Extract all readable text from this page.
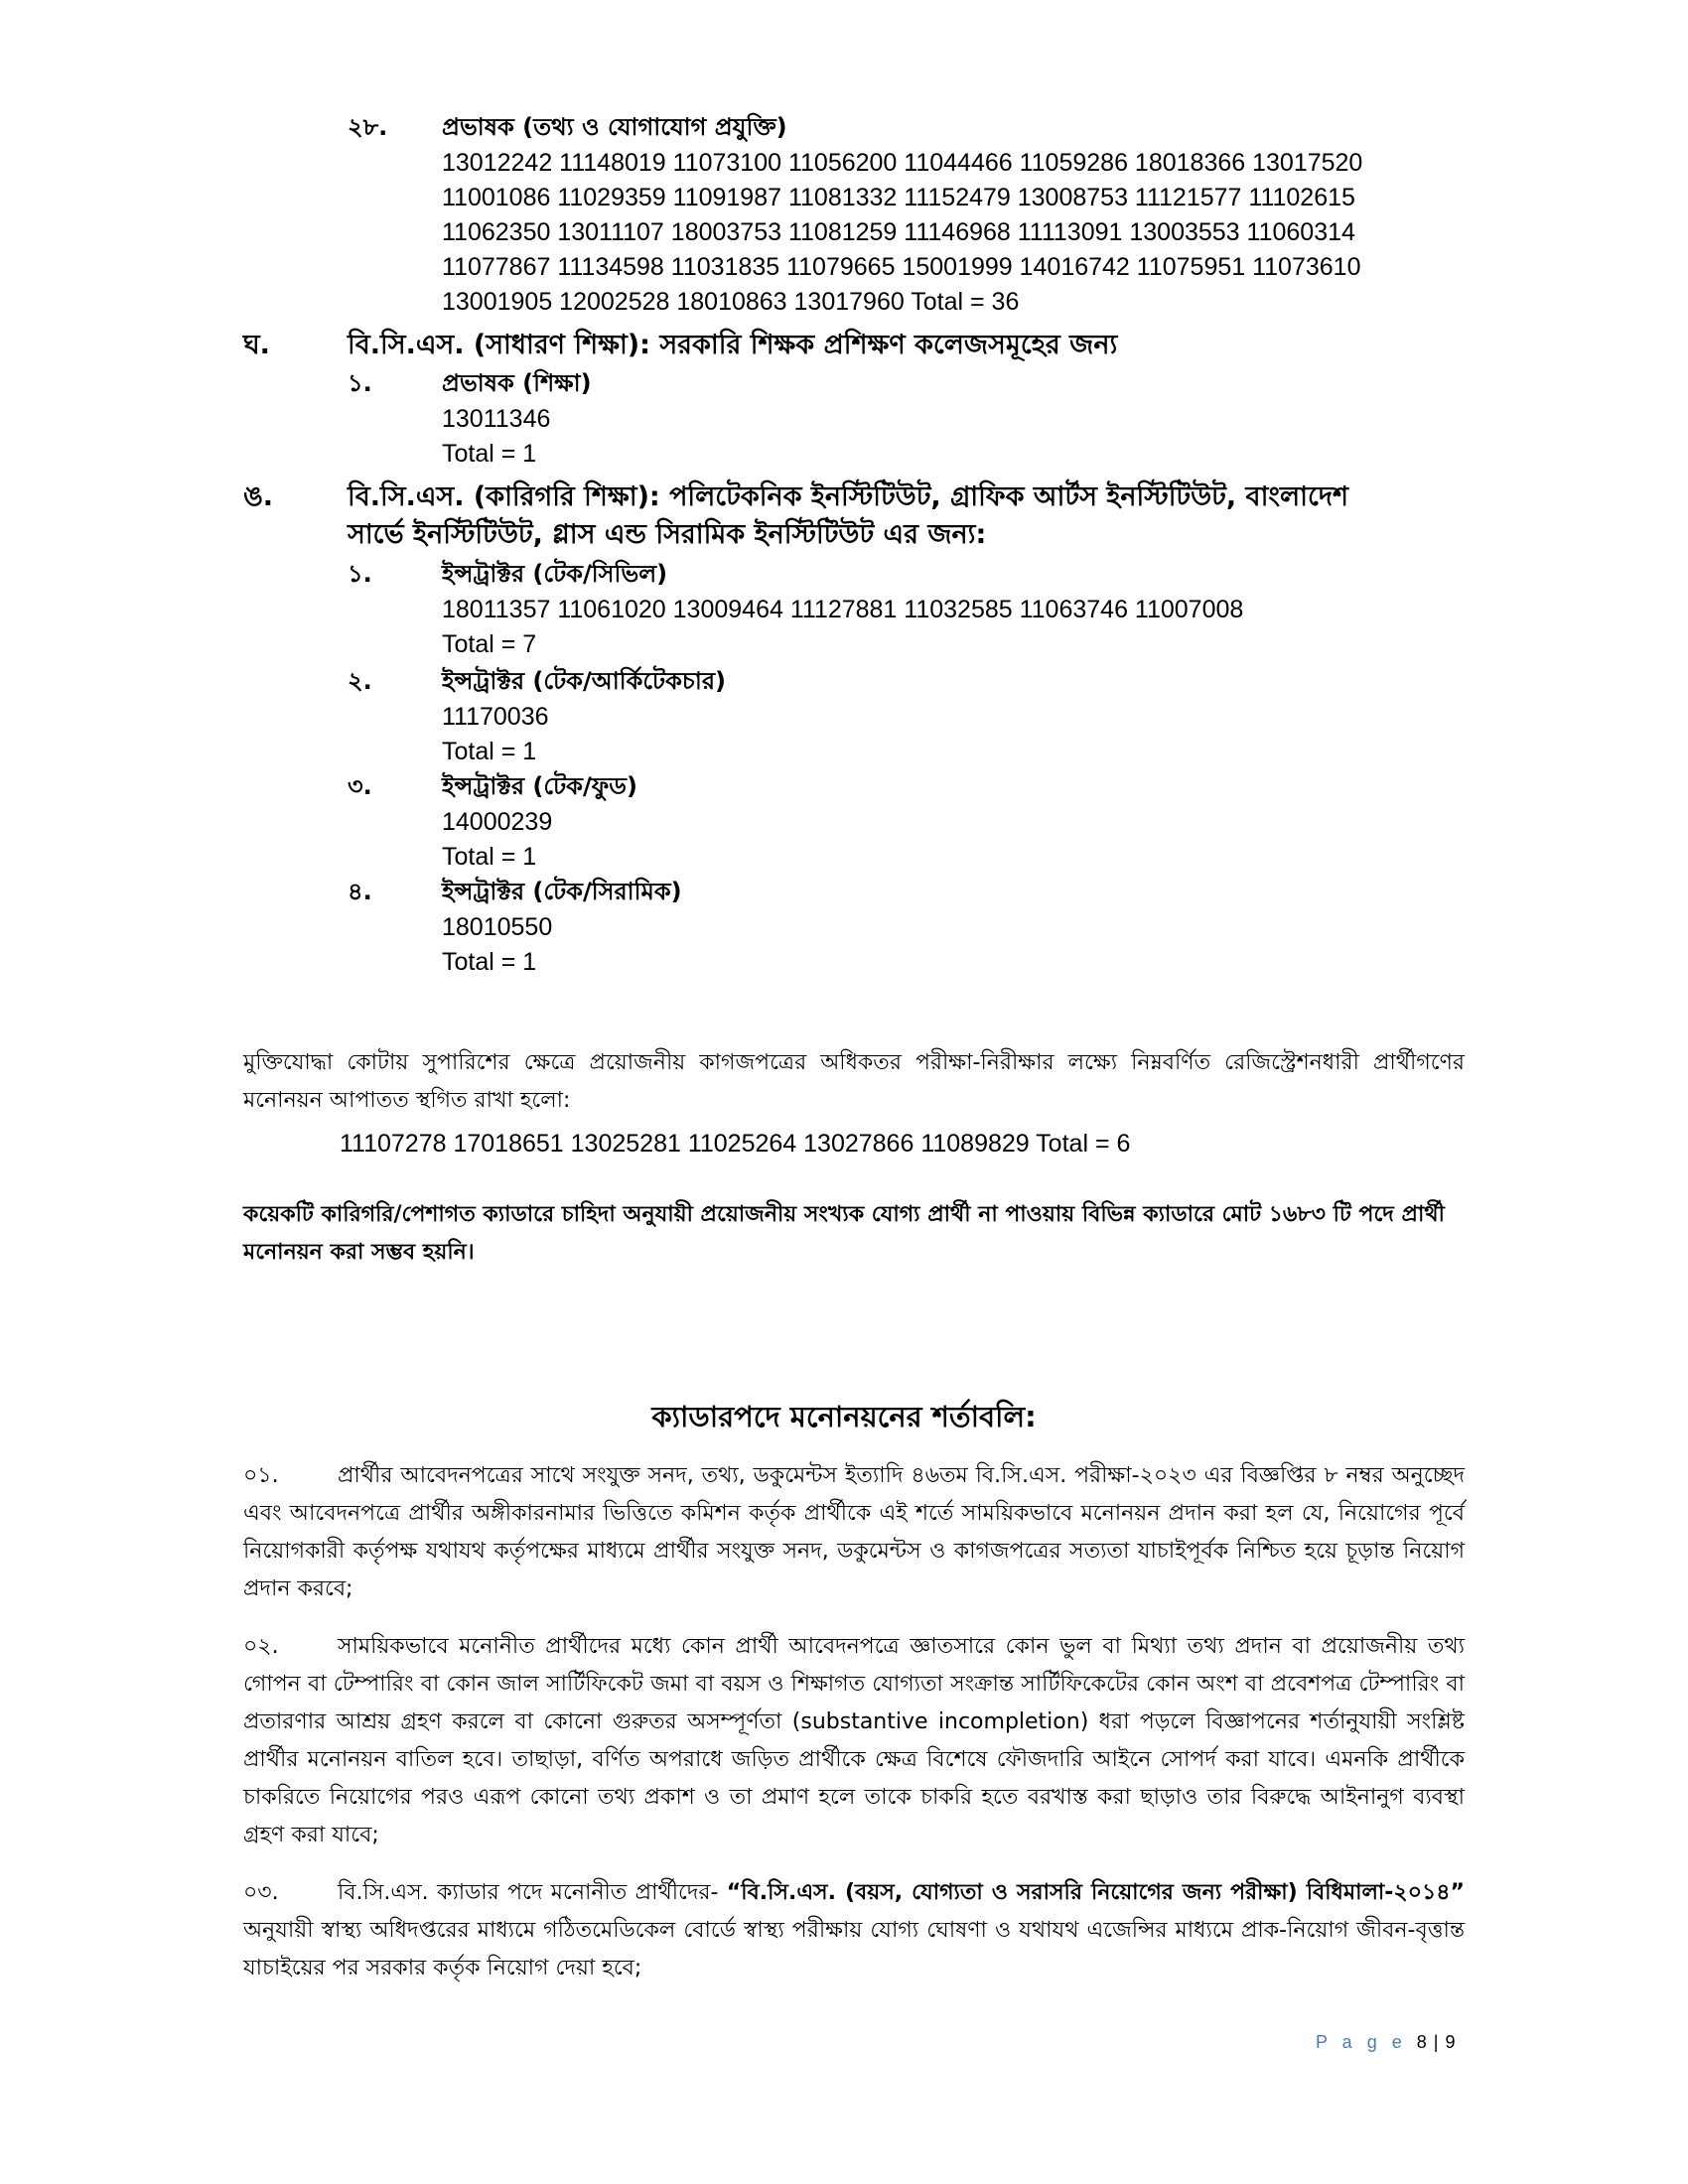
২৮. প্রভাষক (তথ্য ও যোগাযোগ প্রযুক্তি)
13012242 11148019 11073100 11056200 11044466 11059286 18018366 13017520
11001086 11029359 11091987 11081332 11152479 13008753 11121577 11102615
11062350 13011107 18003753 11081259 11146968 11113091 13003553 11060314
11077867 11134598 11031835 11079665 15001999 14016742 11075951 11073610
13001905 12002528 18010863 13017960 Total = 36
ঘ.	বি.সি.এস. (সাধারণ শিক্ষা): সরকারি শিক্ষক প্রশিক্ষণ কলেজসমূহের জন্য
১.	প্রভাষক (শিক্ষা)
13011346
Total = 1
ঙ.	বি.সি.এস. (কারিগরি শিক্ষা): পলিটেকনিক ইনস্টিটিউট, গ্রাফিক আর্টস ইনস্টিটিউট, বাংলাদেশ
সার্ভে ইনস্টিটিউট, গ্লাস এন্ড সিরামিক ইনস্টিটিউট এর জন্য:
১.	ইন্সট্রাক্টর (টেক/সিভিল)
18011357 11061020 13009464 11127881 11032585 11063746 11007008
Total = 7
২.	ইন্সট্রাক্টর (টেক/আর্কিটেকচার)
11170036
Total = 1
৩.	ইন্সট্রাক্টর (টেক/ফুড)
14000239
Total = 1
৪.	ইন্সট্রাক্টর (টেক/সিরামিক)
18010550
Total = 1
মুক্তিযোদ্ধা কোটায় সুপারিশের ক্ষেত্রে প্রয়োজনীয় কাগজপত্রের অধিকতর পরীক্ষা-নিরীক্ষার লক্ষ্যে নিম্নবর্ণিত রেজিস্ট্রেশনধারী প্রার্থীগণের মনোনয়ন আপাতত স্থগিত রাখা হলো:
11107278 17018651 13025281 11025264 13027866 11089829 Total = 6
কয়েকটি কারিগরি/পেশাগত ক্যাডারে চাহিদা অনুযায়ী প্রয়োজনীয় সংখ্যক যোগ্য প্রার্থী না পাওয়ায় বিভিন্ন ক্যাডারে মোট ১৬৮৩ টি পদে প্রার্থী মনোনয়ন করা সম্ভব হয়নি।
ক্যাডারপদে মনোনয়নের শর্তাবলি:
০১.	প্রার্থীর আবেদনপত্রের সাথে সংযুক্ত সনদ, তথ্য, ডকুমেন্টস ইত্যাদি ৪৬তম বি.সি.এস. পরীক্ষা-২০২৩ এর বিজ্ঞপ্তির ৮ নম্বর অনুচ্ছেদ এবং আবেদনপত্রে প্রার্থীর অঙ্গীকারনামার ভিত্তিতে কমিশন কর্তৃক প্রার্থীকে এই শর্তে সাময়িকভাবে মনোনয়ন প্রদান করা হল যে, নিয়োগের পূর্বে নিয়োগকারী কর্তৃপক্ষ যথাযথ কর্তৃপক্ষের মাধ্যমে প্রার্থীর সংযুক্ত সনদ, ডকুমেন্টস ও কাগজপত্রের সত্যতা যাচাইপূর্বক নিশ্চিত হয়ে চূড়ান্ত নিয়োগ প্রদান করবে;
০২.	সাময়িকভাবে মনোনীত প্রার্থীদের মধ্যে কোন প্রার্থী আবেদনপত্রে জ্ঞাতসারে কোন ভুল বা মিথ্যা তথ্য প্রদান বা প্রয়োজনীয় তথ্য গোপন বা টেম্পারিং বা কোন জাল সার্টিফিকেট জমা বা বয়স ও শিক্ষাগত যোগ্যতা সংক্রান্ত সার্টিফিকেটের কোন অংশ বা প্রবেশপত্র টেম্পারিং বা প্রতারণার আশ্রয় গ্রহণ করলে বা কোনো গুরুতর অসম্পূর্ণতা (substantive incompletion) ধরা পড়লে বিজ্ঞাপনের শর্তানুযায়ী সংশ্লিষ্ট প্রার্থীর মনোনয়ন বাতিল হবে। তাছাড়া, বর্ণিত অপরাধে জড়িত প্রার্থীকে ক্ষেত্র বিশেষে ফৌজদারি আইনে সোপর্দ করা যাবে। এমনকি প্রার্থীকে চাকরিতে নিয়োগের পরও এরূপ কোনো তথ্য প্রকাশ ও তা প্রমাণ হলে তাকে চাকরি হতে বরখাস্ত করা ছাড়াও তার বিরুদ্ধে আইনানুগ ব্যবস্থা গ্রহণ করা যাবে;
০৩.	বি.সি.এস. ক্যাডার পদে মনোনীত প্রার্থীদের- “বি.সি.এস. (বয়স, যোগ্যতা ও সরাসরি নিয়োগের জন্য পরীক্ষা) বিধিমালা-২০১৪” অনুযায়ী স্বাস্থ্য অধিদপ্তরের মাধ্যমে গঠিতমেডিকেল বোর্ডে স্বাস্থ্য পরীক্ষায় যোগ্য ঘোষণা ও যথাযথ এজেন্সির মাধ্যমে প্রাক-নিয়োগ জীবন-বৃত্তান্ত যাচাইয়ের পর সরকার কর্তৃক নিয়োগ দেয়া হবে;
P a g e 8 | 9
